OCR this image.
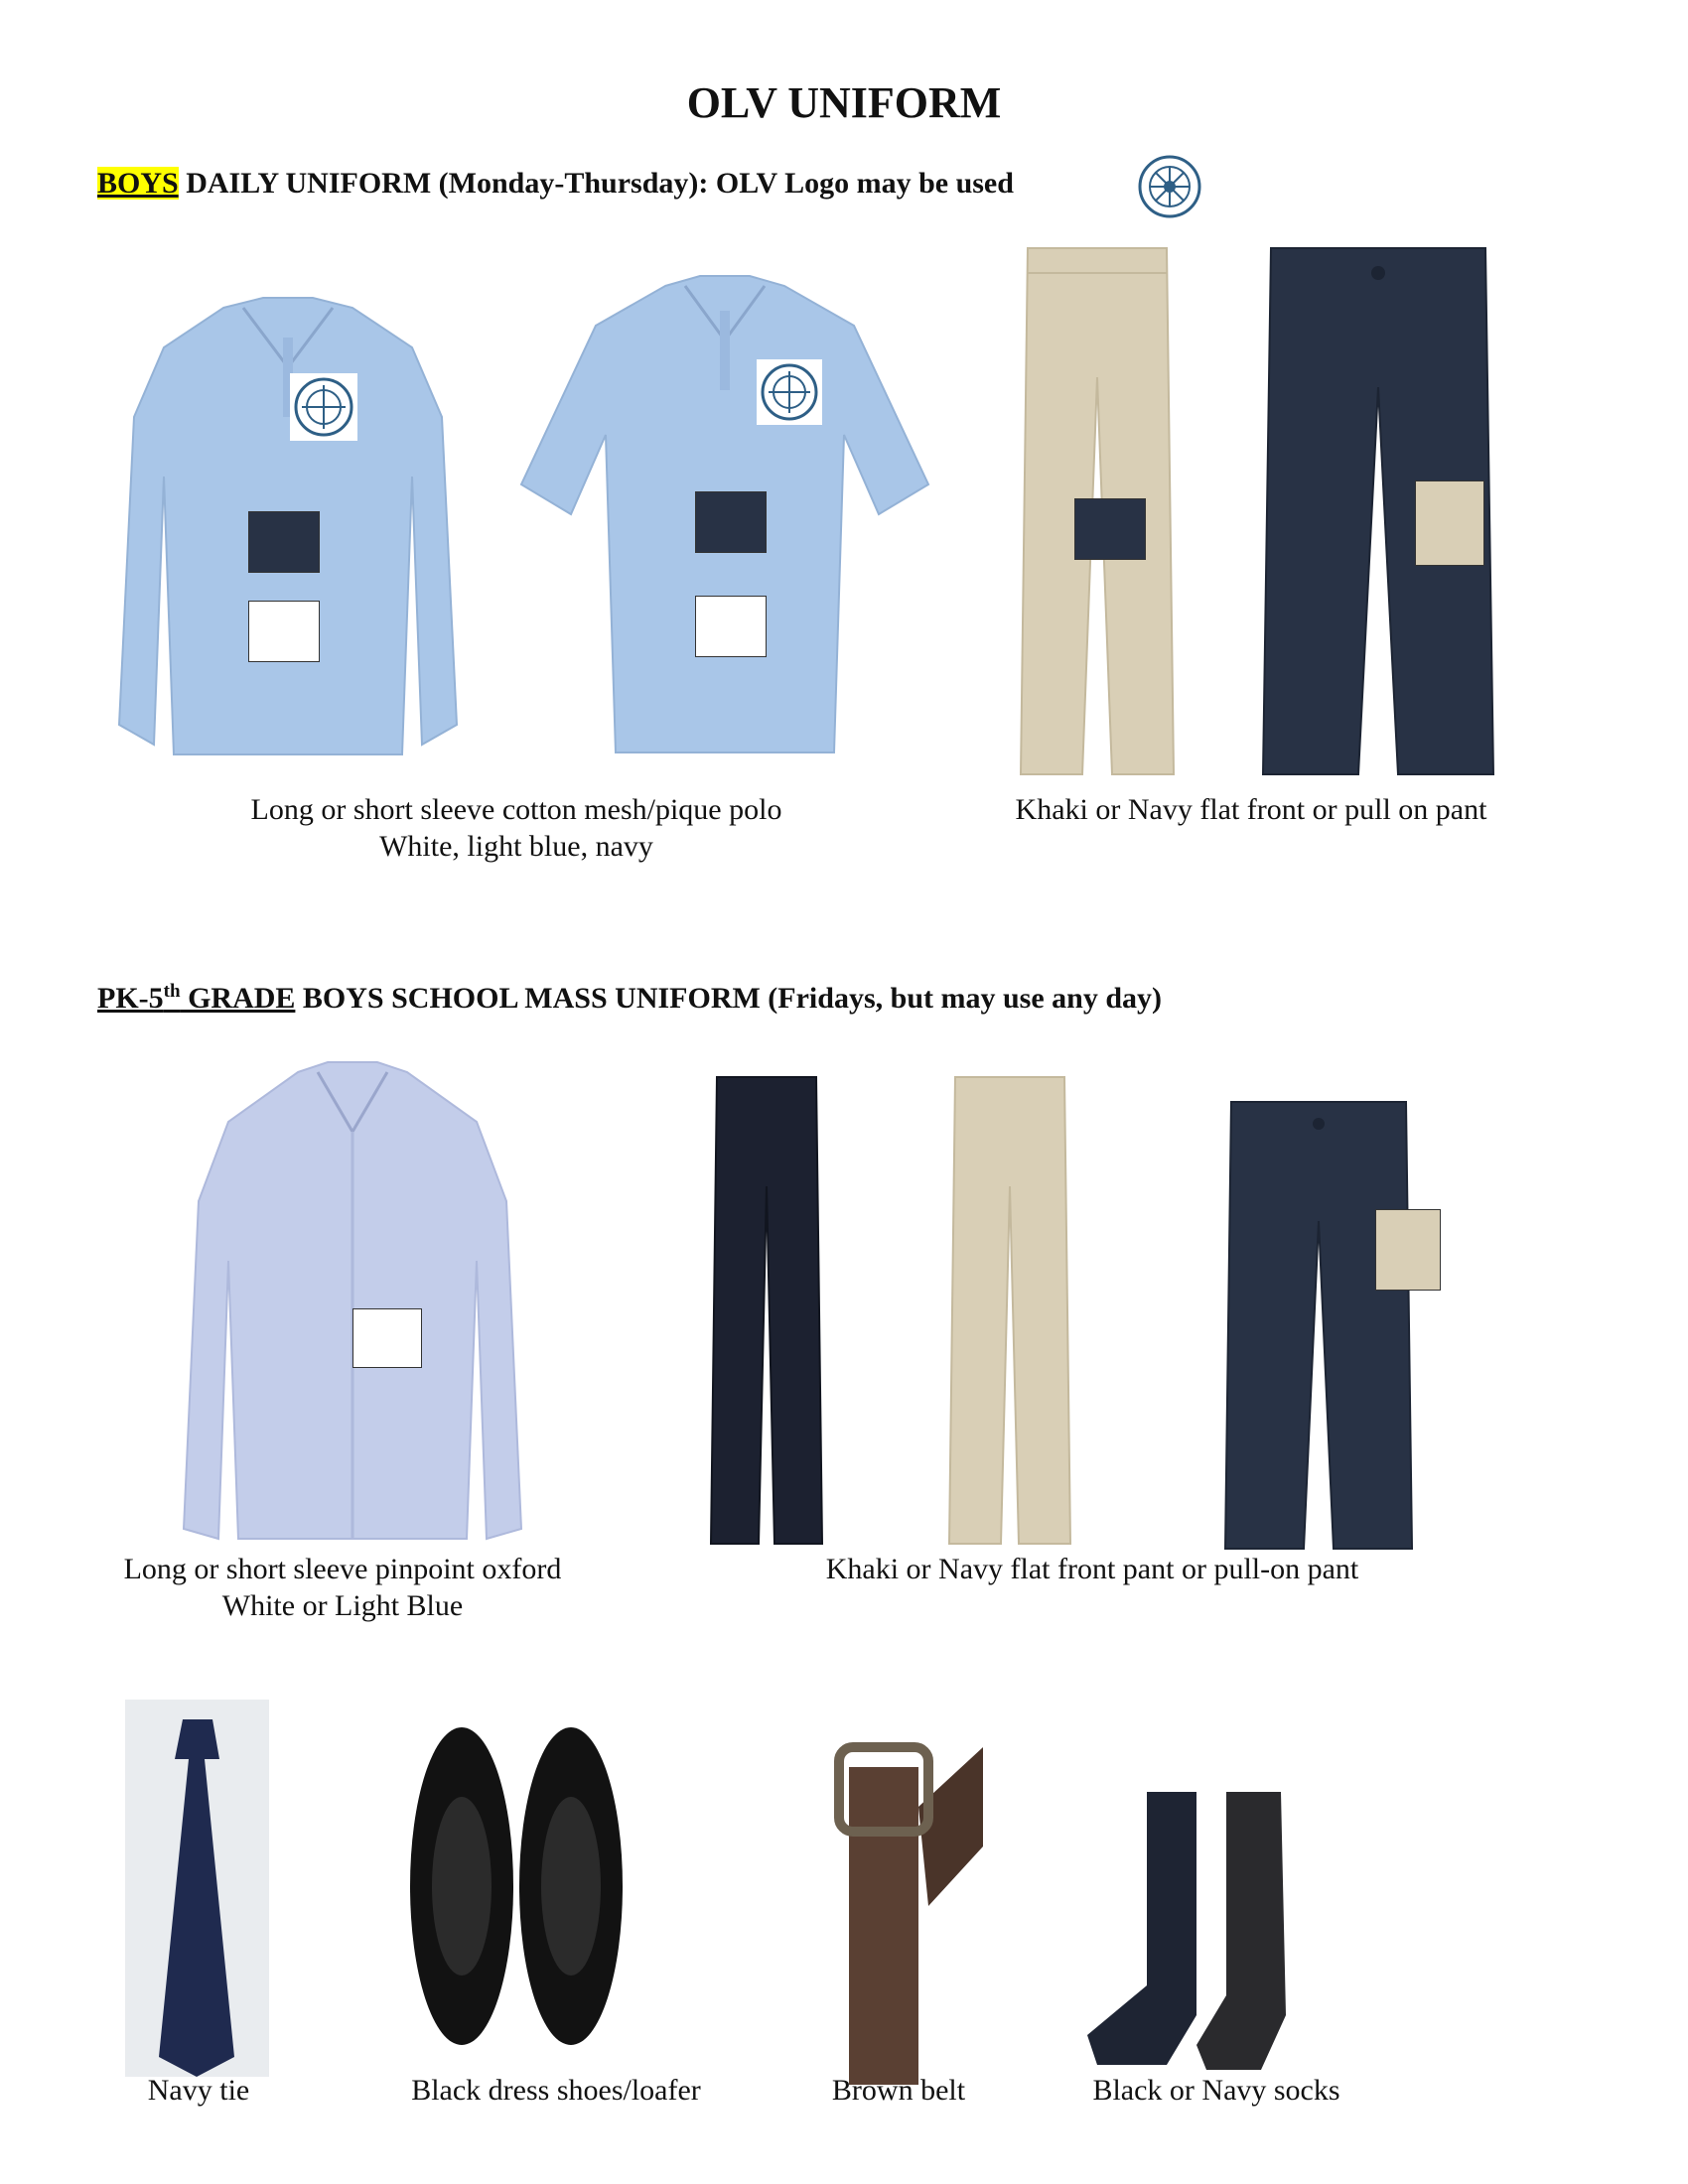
OLV UNIFORM
BOYS DAILY UNIFORM (Monday-Thursday): OLV Logo may be used
Long or short sleeve cotton mesh/pique polo
White, light blue, navy
Khaki or Navy flat front or pull on pant
PK-5th GRADE BOYS SCHOOL MASS UNIFORM (Fridays, but may use any day)
Long or short sleeve pinpoint oxford
White or Light Blue
Khaki or Navy flat front pant or pull-on pant
Navy tie	Black dress shoes/loafer	Brown belt	Black or Navy socks
